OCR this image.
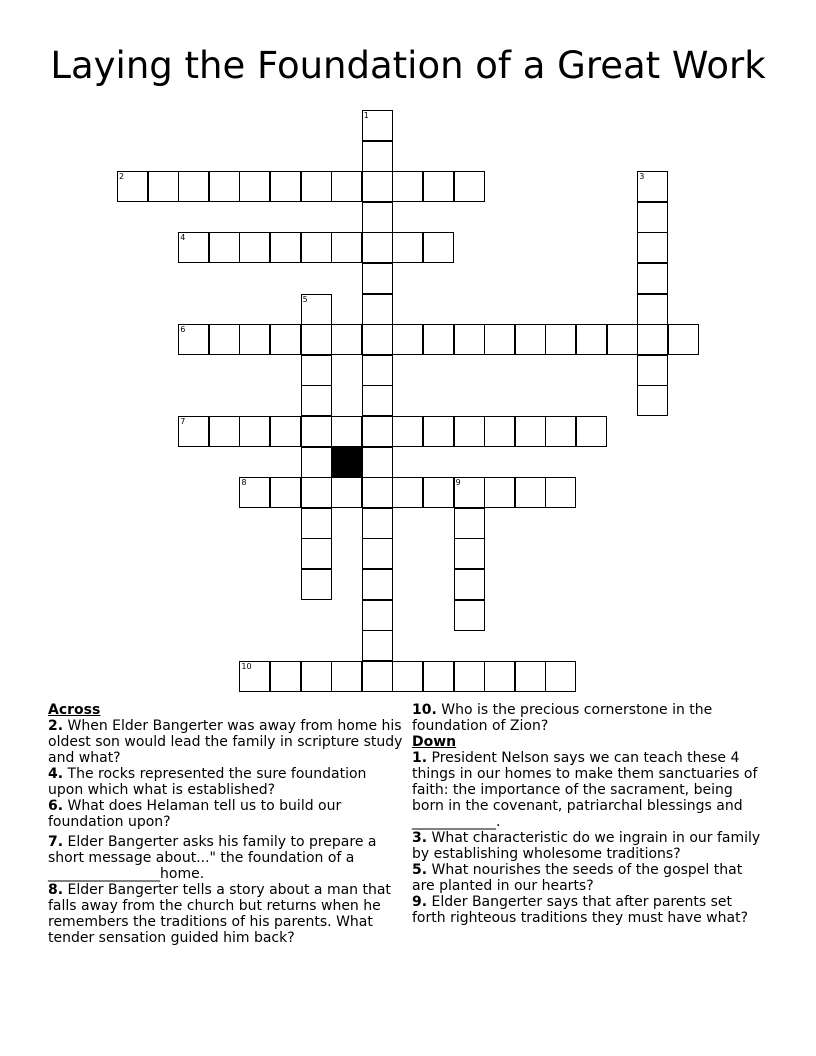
Laying the Foundation of a Great Work
2
4
6
7
8	9
10
1
3
5

Across

2. When Elder Bangerter was away from home his oldest son would lead the family in scripture study and what?

4. The rocks represented the sure foundation upon which what is established?

6. What does Helaman tell us to build our foundation upon?

7. Elder Bangerter asks his family to prepare a short message about..." the foundation of a ________________home.

8. Elder Bangerter tells a story about a man that falls away from the church but returns when he remembers the traditions of his parents. What tender sensation guided him back?

10. Who is the precious cornerstone in the foundation of Zion?

Down

1. President Nelson says we can teach these 4 things in our homes to make them sanctuaries of faith: the importance of the sacrament, being born in the covenant, patriarchal blessings and ____________.

3. What characteristic do we ingrain in our family by establishing wholesome traditions?

5. What nourishes the seeds of the gospel that are planted in our hearts?

9. Elder Bangerter says that after parents set forth righteous traditions they must have what?
